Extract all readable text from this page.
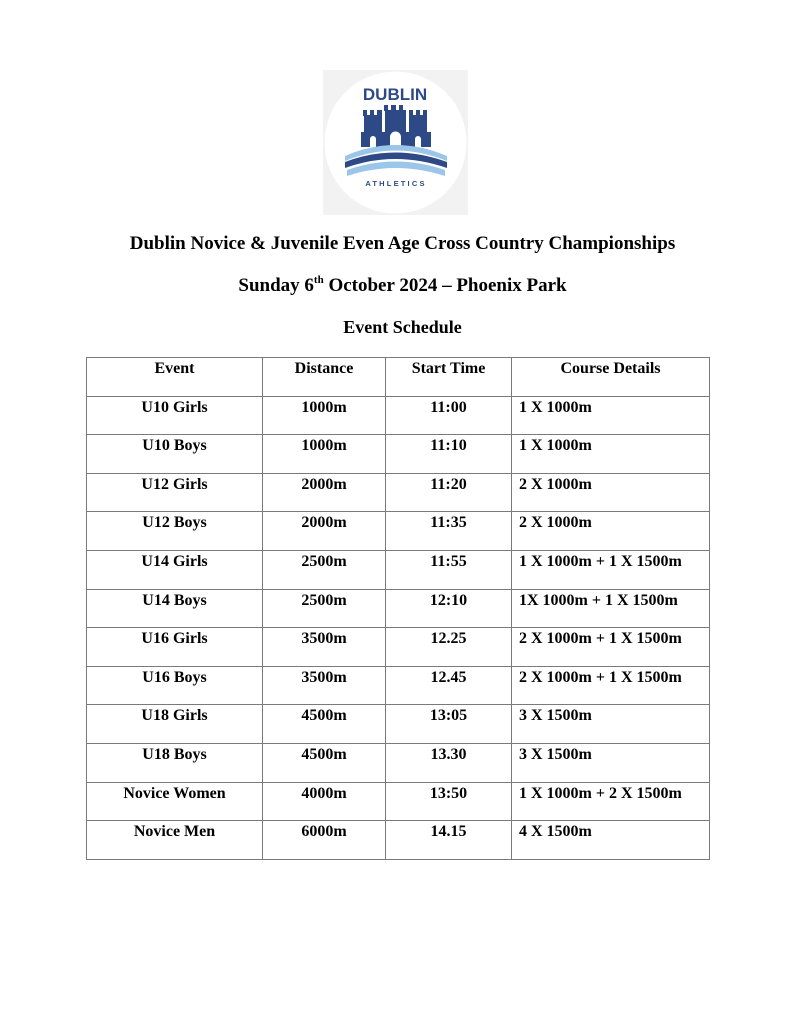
DUBLIN
ATHLETICS
Dublin Novice & Juvenile Even Age Cross Country Championships
Sunday 6th October 2024 – Phoenix Park
Event Schedule
Event	Distance	Start Time	Course Details

U10 Girls	1000m	11:00	1 X 1000m

U10 Boys	1000m	11:10	1 X 1000m

U12 Girls	2000m	11:20	2 X 1000m

U12 Boys	2000m	11:35	2 X 1000m

U14 Girls	2500m	11:55	1 X 1000m + 1 X 1500m

U14 Boys	2500m	12:10	1X 1000m + 1 X 1500m

U16 Girls	3500m	12.25	2 X 1000m + 1 X 1500m

U16 Boys	3500m	12.45	2 X 1000m + 1 X 1500m

U18 Girls	4500m	13:05	3 X 1500m

U18 Boys	4500m	13.30	3 X 1500m

Novice Women	4000m	13:50	1 X 1000m + 2 X 1500m

Novice Men	6000m	14.15	4 X 1500m
